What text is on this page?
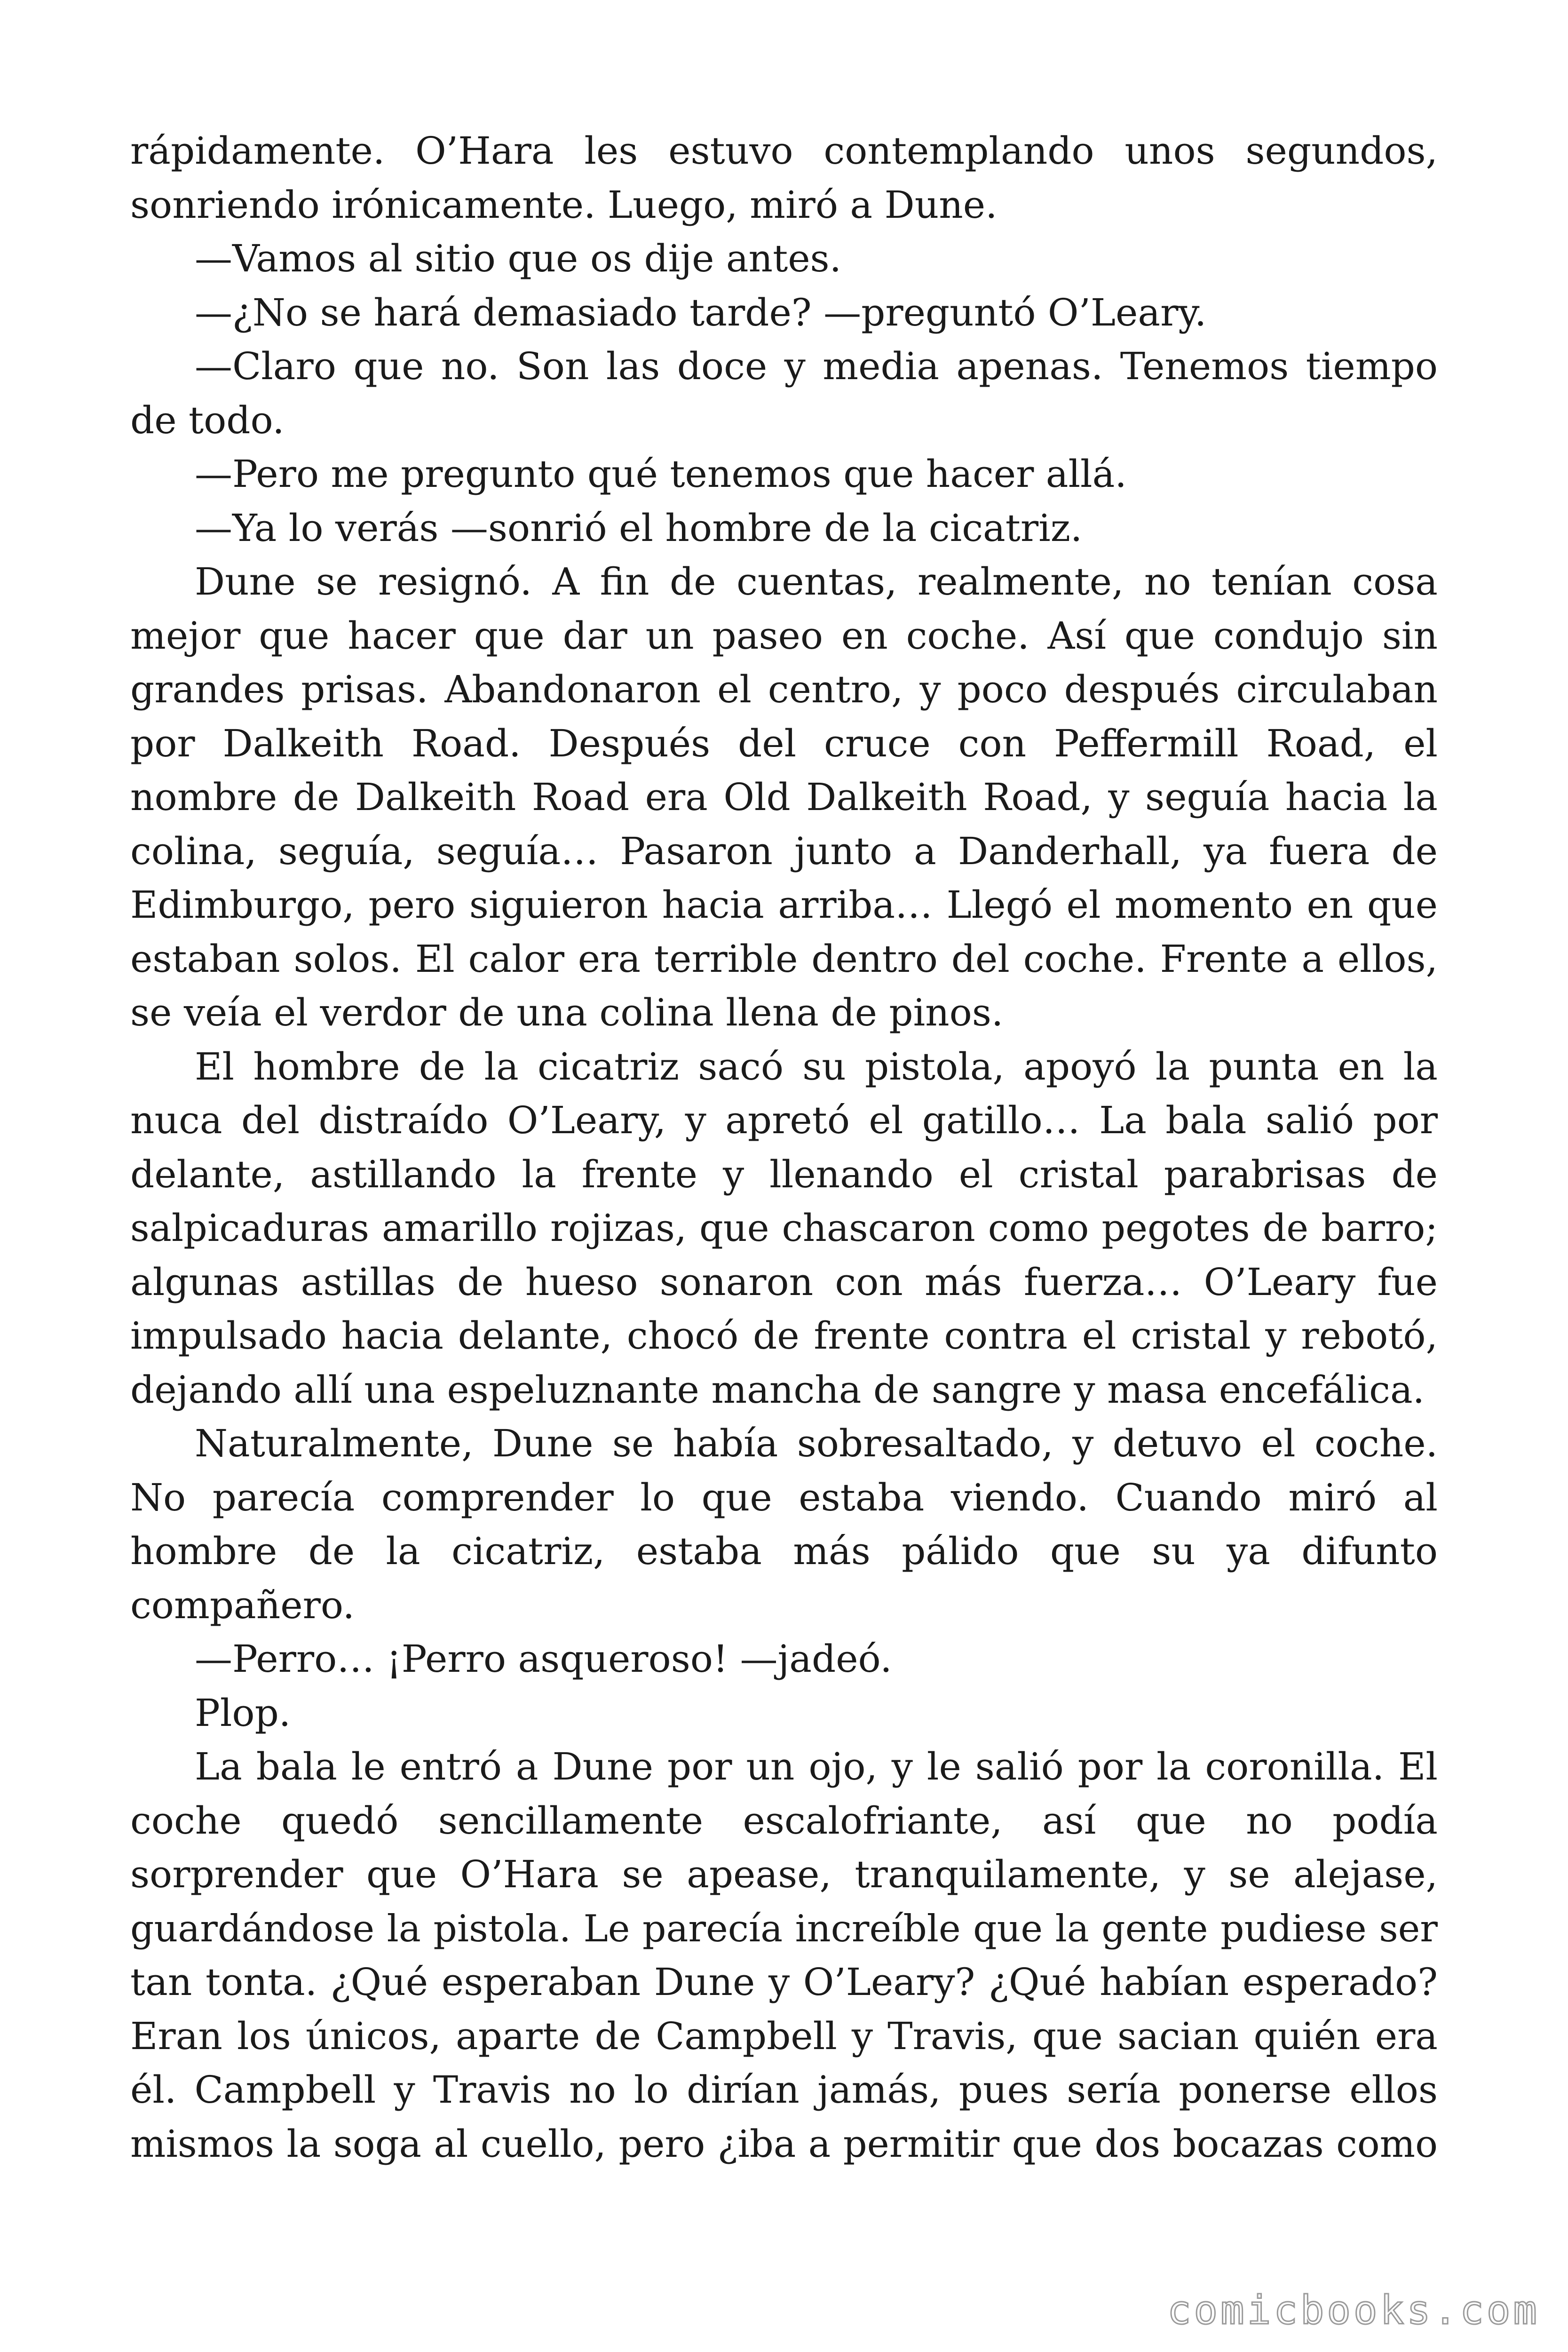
rápidamente. O’Hara les estuvo contemplando unos segundos,
sonriendo irónicamente. Luego, miró a Dune.
—Vamos al sitio que os dije antes.
—¿No se hará demasiado tarde? —preguntó O’Leary.
—Claro que no. Son las doce y media apenas. Tenemos tiempo
de todo.
—Pero me pregunto qué tenemos que hacer allá.
—Ya lo verás —sonrió el hombre de la cicatriz.
Dune se resignó. A fin de cuentas, realmente, no tenían cosa
mejor que hacer que dar un paseo en coche. Así que condujo sin
grandes prisas. Abandonaron el centro, y poco después circulaban
por Dalkeith Road. Después del cruce con Peffermill Road, el
nombre de Dalkeith Road era Old Dalkeith Road, y seguía hacia la
colina, seguía, seguía… Pasaron junto a Danderhall, ya fuera de
Edimburgo, pero siguieron hacia arriba… Llegó el momento en que
estaban solos. El calor era terrible dentro del coche. Frente a ellos,
se veía el verdor de una colina llena de pinos.
El hombre de la cicatriz sacó su pistola, apoyó la punta en la
nuca del distraído O’Leary, y apretó el gatillo… La bala salió por
delante, astillando la frente y llenando el cristal parabrisas de
salpicaduras amarillo rojizas, que chascaron como pegotes de barro;
algunas astillas de hueso sonaron con más fuerza… O’Leary fue
impulsado hacia delante, chocó de frente contra el cristal y rebotó,
dejando allí una espeluznante mancha de sangre y masa encefálica.
Naturalmente, Dune se había sobresaltado, y detuvo el coche.
No parecía comprender lo que estaba viendo. Cuando miró al
hombre de la cicatriz, estaba más pálido que su ya difunto
compañero.
—Perro… ¡Perro asqueroso! —jadeó.
Plop.
La bala le entró a Dune por un ojo, y le salió por la coronilla. El
coche quedó sencillamente escalofriante, así que no podía
sorprender que O’Hara se apease, tranquilamente, y se alejase,
guardándose la pistola. Le parecía increíble que la gente pudiese ser
tan tonta. ¿Qué esperaban Dune y O’Leary? ¿Qué habían esperado?
Eran los únicos, aparte de Campbell y Travis, que sacian quién era
él. Campbell y Travis no lo dirían jamás, pues sería ponerse ellos
mismos la soga al cuello, pero ¿iba a permitir que dos bocazas como
comicbooks.com
